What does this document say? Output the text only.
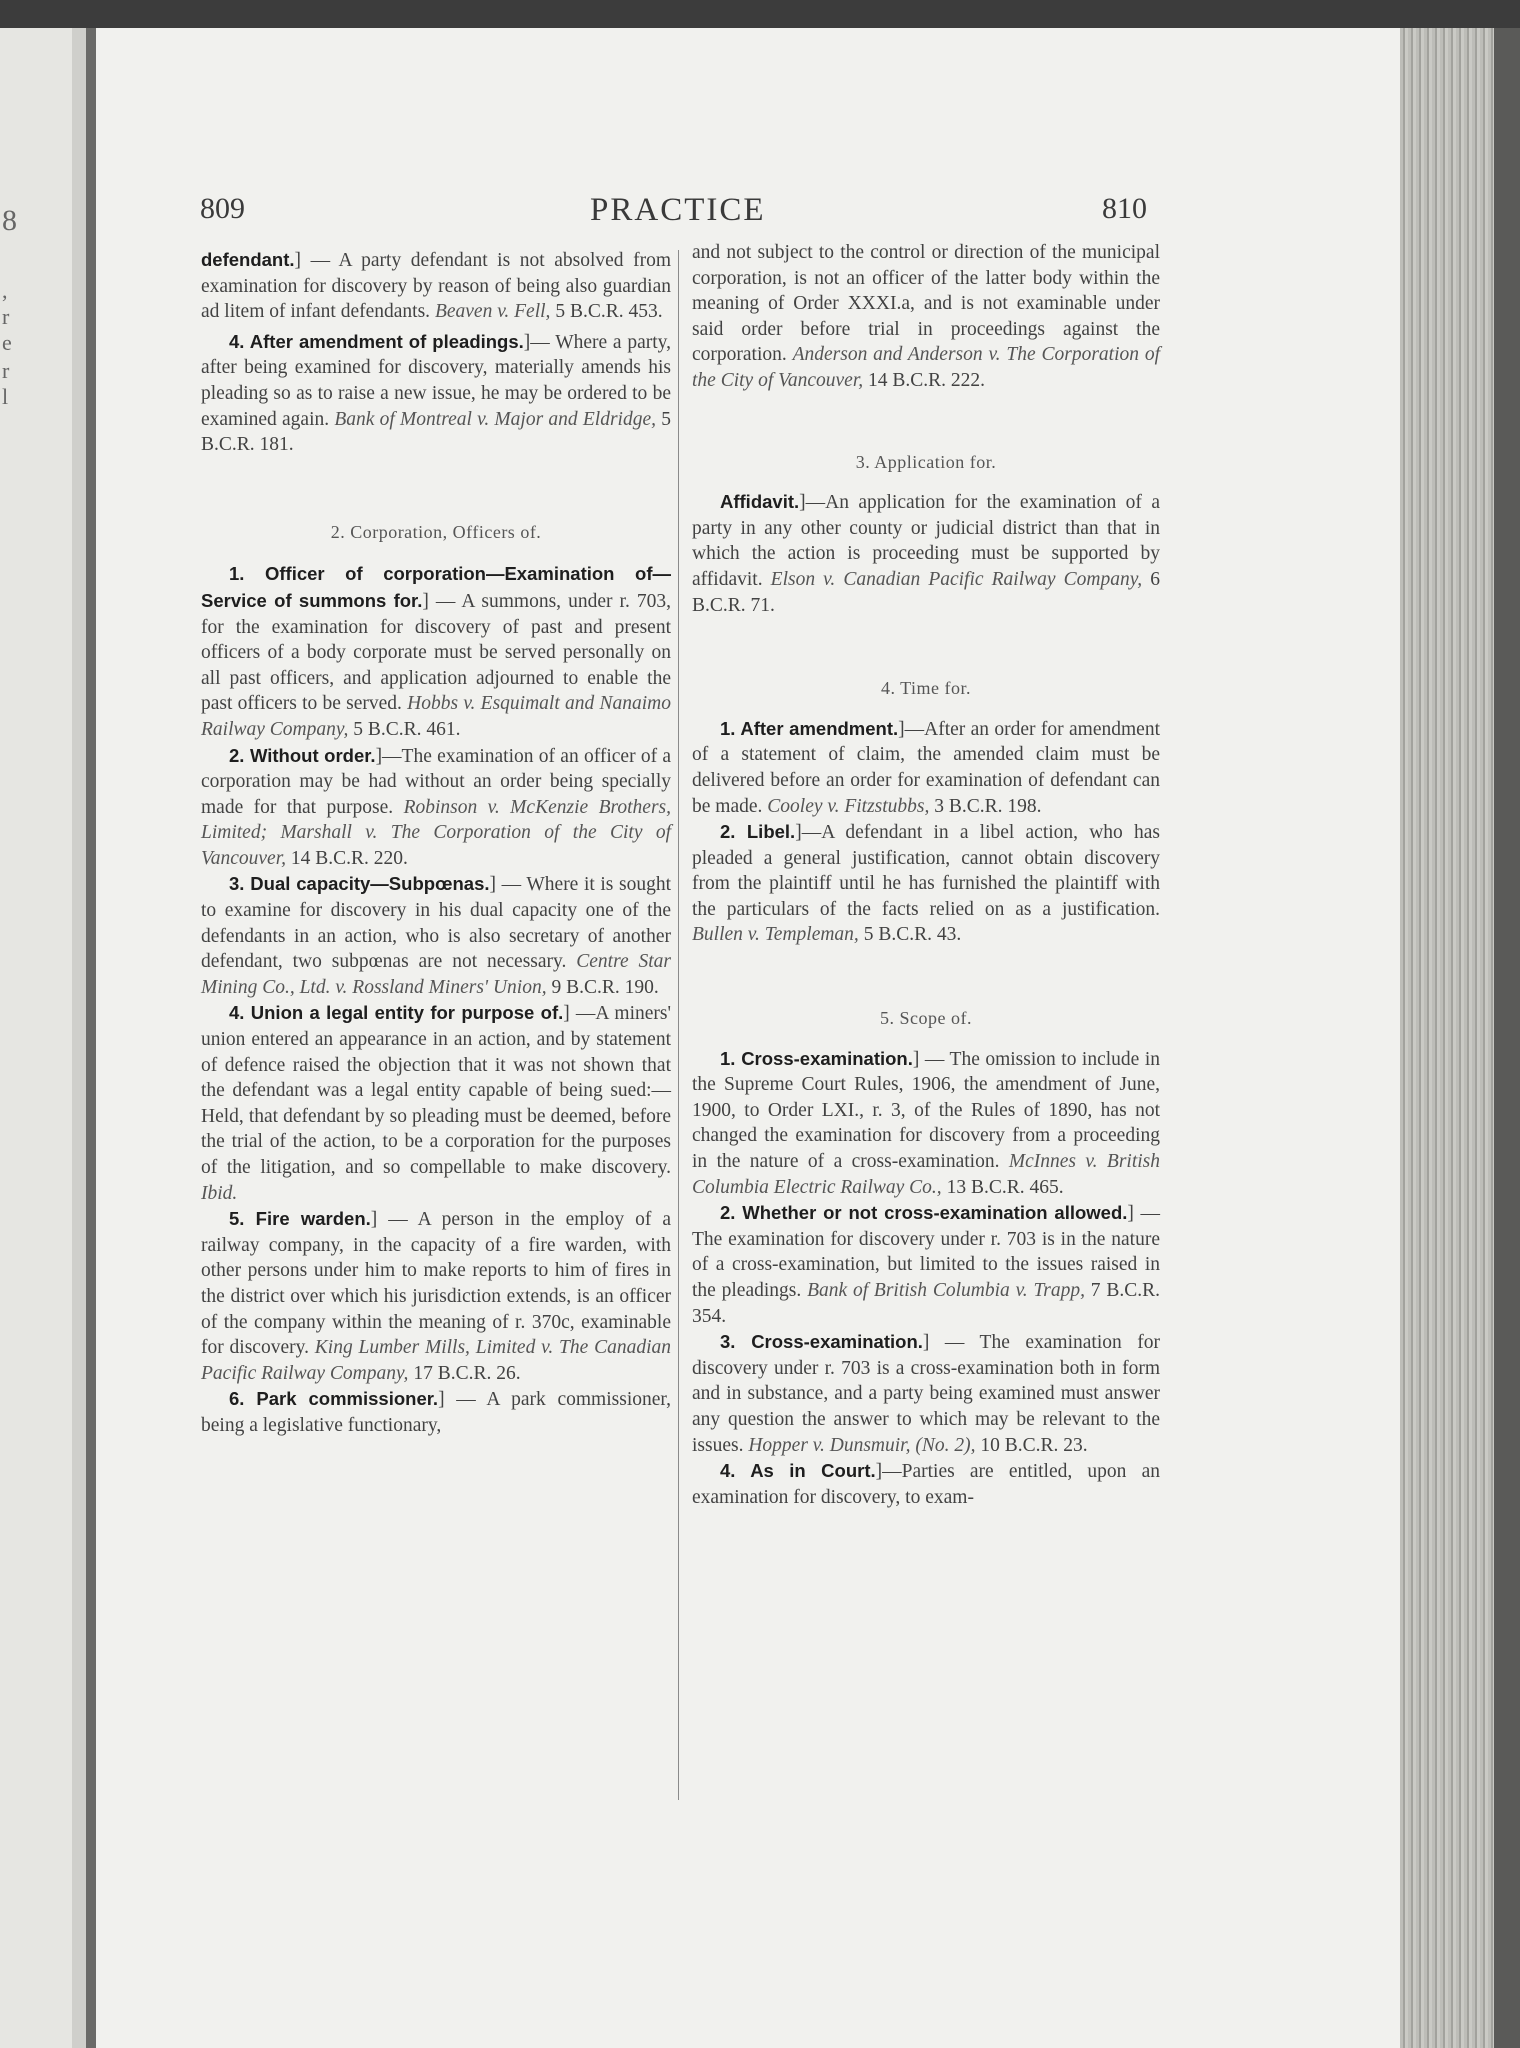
8
,
r
e
r
l
809	PRACTICE	810

defendant.] — A party defendant is not absolved from examination for discovery by reason of being also guardian ad litem of infant defendants. Beaven v. Fell, 5 B.C.R. 453.

4. After amendment of pleadings.]— Where a party, after being examined for discovery, materially amends his pleading so as to raise a new issue, he may be ordered to be examined again. Bank of Montreal v. Major and Eldridge, 5 B.C.R. 181.

2. Corporation, Officers of.

1. Officer of corporation—Examination of—Service of summons for.] — A summons, under r. 703, for the examination for discovery of past and present officers of a body corporate must be served personally on all past officers, and application adjourned to enable the past officers to be served. Hobbs v. Esquimalt and Nanaimo Railway Company, 5 B.C.R. 461.

2. Without order.]—The examination of an officer of a corporation may be had without an order being specially made for that purpose. Robinson v. McKenzie Brothers, Limited; Marshall v. The Corporation of the City of Vancouver, 14 B.C.R. 220.

3. Dual capacity—Subpœnas.] — Where it is sought to examine for discovery in his dual capacity one of the defendants in an action, who is also secretary of another defendant, two subpœnas are not necessary. Centre Star Mining Co., Ltd. v. Rossland Miners' Union, 9 B.C.R. 190.

4. Union a legal entity for purpose of.] —A miners' union entered an appearance in an action, and by statement of defence raised the objection that it was not shown that the defendant was a legal entity capable of being sued:—Held, that defendant by so pleading must be deemed, before the trial of the action, to be a corporation for the purposes of the litigation, and so compellable to make discovery. Ibid.

5. Fire warden.] — A person in the employ of a railway company, in the capacity of a fire warden, with other persons under him to make reports to him of fires in the district over which his jurisdiction extends, is an officer of the company within the meaning of r. 370c, examinable for discovery. King Lumber Mills, Limited v. The Canadian Pacific Railway Company, 17 B.C.R. 26.

6. Park commissioner.] — A park commissioner, being a legislative functionary,

and not subject to the control or direction of the municipal corporation, is not an officer of the latter body within the meaning of Order XXXI.a, and is not examinable under said order before trial in proceedings against the corporation. Anderson and Anderson v. The Corporation of the City of Vancouver, 14 B.C.R. 222.

3. Application for.

Affidavit.]—An application for the examination of a party in any other county or judicial district than that in which the action is proceeding must be supported by affidavit. Elson v. Canadian Pacific Railway Company, 6 B.C.R. 71.

4. Time for.

1. After amendment.]—After an order for amendment of a statement of claim, the amended claim must be delivered before an order for examination of defendant can be made. Cooley v. Fitzstubbs, 3 B.C.R. 198.

2. Libel.]—A defendant in a libel action, who has pleaded a general justification, cannot obtain discovery from the plaintiff until he has furnished the plaintiff with the particulars of the facts relied on as a justification. Bullen v. Templeman, 5 B.C.R. 43.

5. Scope of.

1. Cross-examination.] — The omission to include in the Supreme Court Rules, 1906, the amendment of June, 1900, to Order LXI., r. 3, of the Rules of 1890, has not changed the examination for discovery from a proceeding in the nature of a cross-examination. McInnes v. British Columbia Electric Railway Co., 13 B.C.R. 465.

2. Whether or not cross-examination allowed.] — The examination for discovery under r. 703 is in the nature of a cross-examination, but limited to the issues raised in the pleadings. Bank of British Columbia v. Trapp, 7 B.C.R. 354.

3. Cross-examination.] — The examination for discovery under r. 703 is a cross-examination both in form and in substance, and a party being examined must answer any question the answer to which may be relevant to the issues. Hopper v. Dunsmuir, (No. 2), 10 B.C.R. 23.

4. As in Court.]—Parties are entitled, upon an examination for discovery, to exam-
